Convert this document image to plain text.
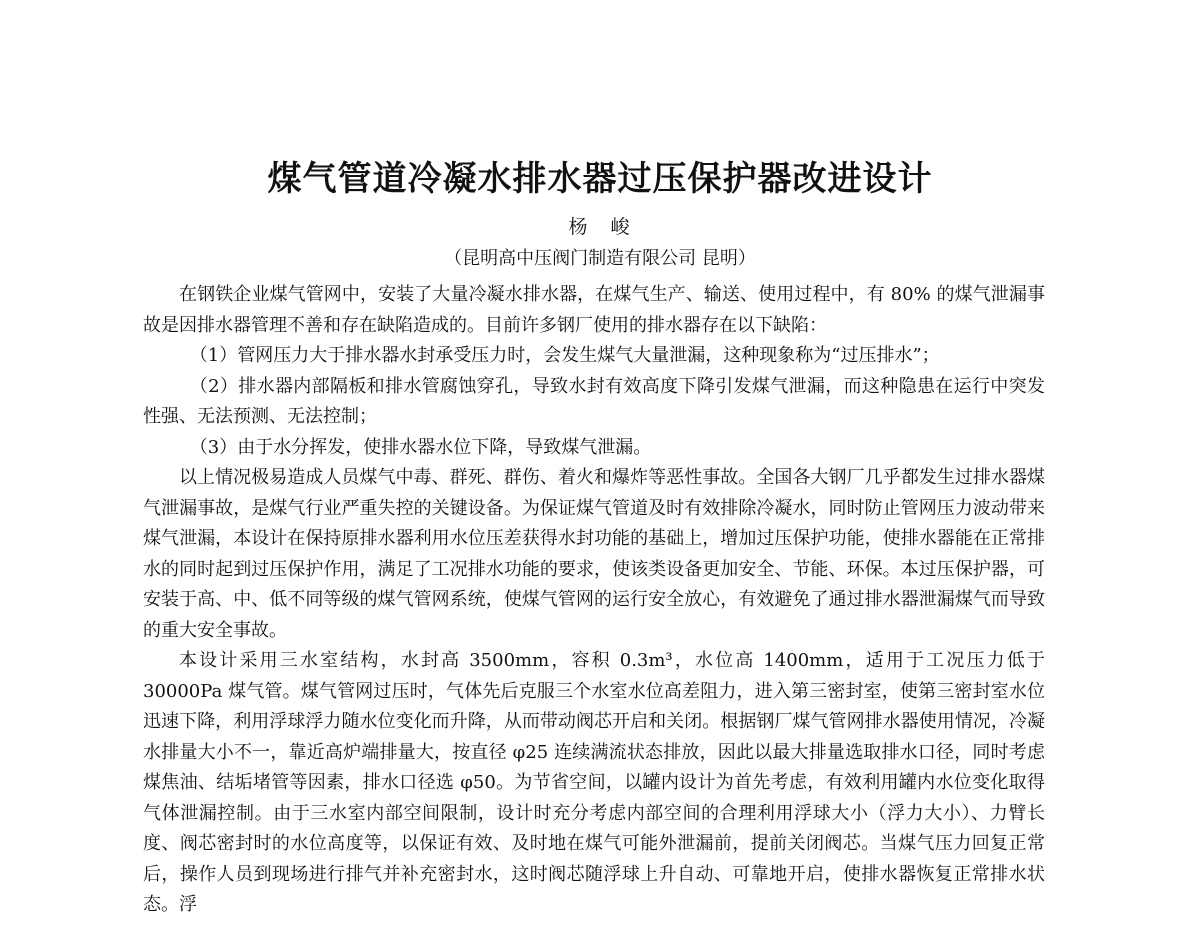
煤气管道冷凝水排水器过压保护器改进设计
杨　峻
（昆明高中压阀门制造有限公司 昆明）

在钢铁企业煤气管网中，安装了大量冷凝水排水器，在煤气生产、输送、使用过程中，有 80% 的煤气泄漏事故是因排水器管理不善和存在缺陷造成的。目前许多钢厂使用的排水器存在以下缺陷：

（1）管网压力大于排水器水封承受压力时，会发生煤气大量泄漏，这种现象称为“过压排水”；

（2）排水器内部隔板和排水管腐蚀穿孔，导致水封有效高度下降引发煤气泄漏，而这种隐患在运行中突发性强、无法预测、无法控制；

（3）由于水分挥发，使排水器水位下降，导致煤气泄漏。

以上情况极易造成人员煤气中毒、群死、群伤、着火和爆炸等恶性事故。全国各大钢厂几乎都发生过排水器煤气泄漏事故，是煤气行业严重失控的关键设备。为保证煤气管道及时有效排除冷凝水，同时防止管网压力波动带来煤气泄漏，本设计在保持原排水器利用水位压差获得水封功能的基础上，增加过压保护功能，使排水器能在正常排水的同时起到过压保护作用，满足了工况排水功能的要求，使该类设备更加安全、节能、环保。本过压保护器，可安装于高、中、低不同等级的煤气管网系统，使煤气管网的运行安全放心，有效避免了通过排水器泄漏煤气而导致的重大安全事故。

本设计采用三水室结构，水封高 3500mm，容积 0.3m³，水位高 1400mm，适用于工况压力低于 30000Pa 煤气管。煤气管网过压时，气体先后克服三个水室水位高差阻力，进入第三密封室，使第三密封室水位迅速下降，利用浮球浮力随水位变化而升降，从而带动阀芯开启和关闭。根据钢厂煤气管网排水器使用情况，冷凝水排量大小不一，靠近高炉端排量大，按直径 φ25 连续满流状态排放，因此以最大排量选取排水口径，同时考虑煤焦油、结垢堵管等因素，排水口径选 φ50。为节省空间，以罐内设计为首先考虑，有效利用罐内水位变化取得气体泄漏控制。由于三水室内部空间限制，设计时充分考虑内部空间的合理利用浮球大小（浮力大小）、力臂长度、阀芯密封时的水位高度等，以保证有效、及时地在煤气可能外泄漏前，提前关闭阀芯。当煤气压力回复正常后，操作人员到现场进行排气并补充密封水，这时阀芯随浮球上升自动、可靠地开启，使排水器恢复正常排水状态。浮
